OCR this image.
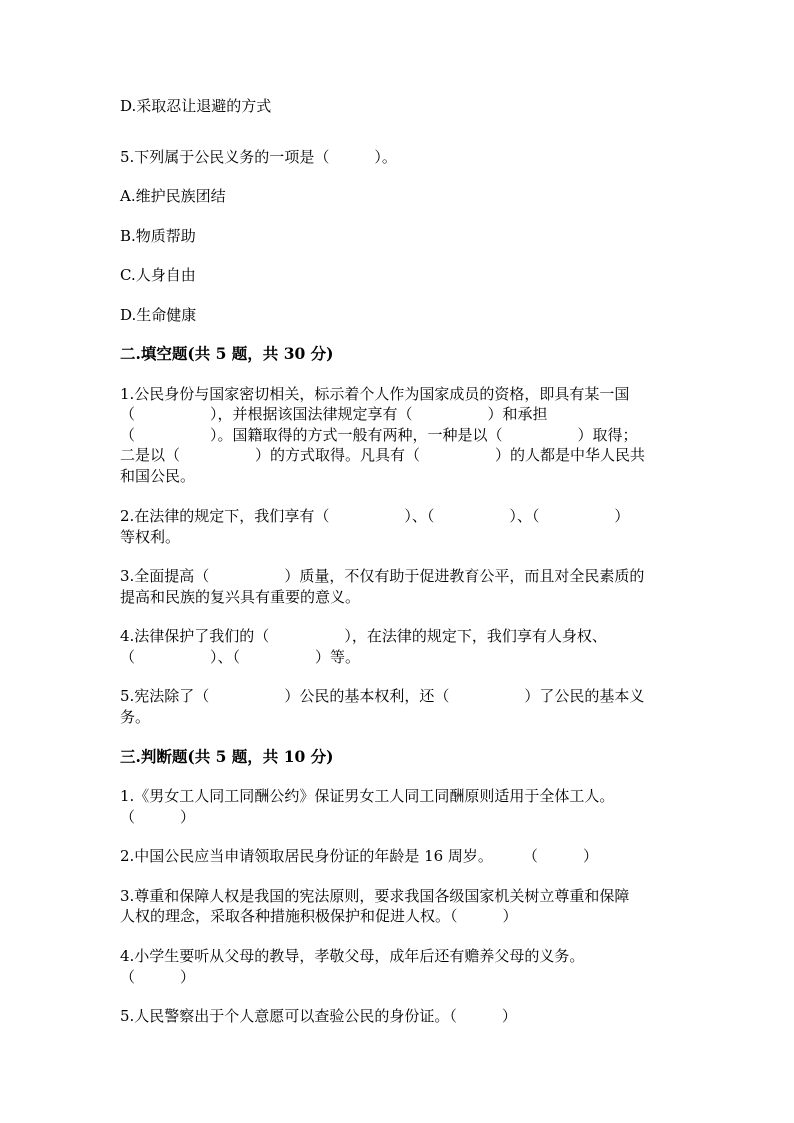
D.采取忍让退避的方式
5.下列属于公民义务的一项是（　　　）。
A.维护民族团结
B.物质帮助
C.人身自由
D.生命健康
二.填空题(共 5 题，共 30 分)
1.公民身份与国家密切相关，标示着个人作为国家成员的资格，即具有某一国
（　　　　　），并根据该国法律规定享有（　　　　　）和承担
（　　　　　）。国籍取得的方式一般有两种，一种是以（　　　　　）取得；
二是以（　　　　　）的方式取得。凡具有（　　　　　）的人都是中华人民共
和国公民。
2.在法律的规定下，我们享有（　　　　　）、（　　　　　）、（　　　　　）
等权利。
3.全面提高（　　　　　）质量，不仅有助于促进教育公平，而且对全民素质的
提高和民族的复兴具有重要的意义。
4.法律保护了我们的（　　　　　），在法律的规定下，我们享有人身权、
（　　　　　）、（　　　　　）等。
5.宪法除了（　　　　　）公民的基本权利，还（　　　　　）了公民的基本义
务。
三.判断题(共 5 题，共 10 分)
1.《男女工人同工同酬公约》保证男女工人同工同酬原则适用于全体工人。
（　　　）
2.中国公民应当申请领取居民身份证的年龄是 16 周岁。　　　（　　　）
3.尊重和保障人权是我国的宪法原则，要求我国各级国家机关树立尊重和保障
人权的理念，采取各种措施积极保护和促进人权。（　　　）
4.小学生要听从父母的教导，孝敬父母，成年后还有赡养父母的义务。
（　　　）
5.人民警察出于个人意愿可以查验公民的身份证。（　　　）
